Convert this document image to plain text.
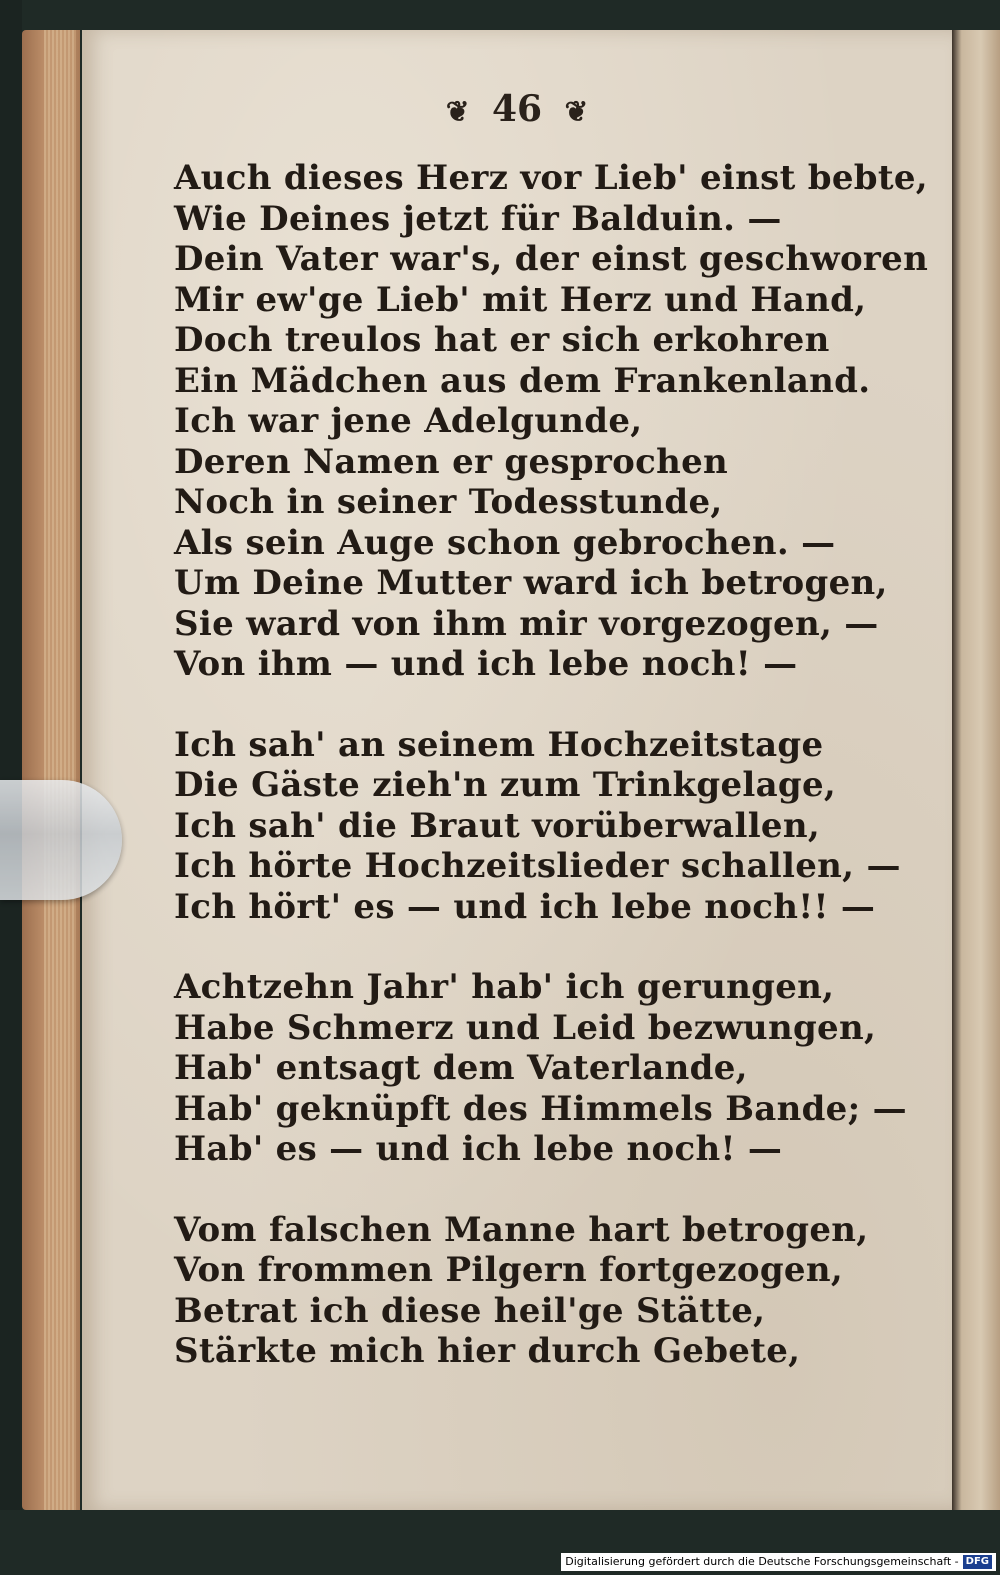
❦ 46 ❦
Auch dieses Herz vor Lieb' einst bebte,
Wie Deines jetzt für Balduin. —
Dein Vater war's, der einst geschworen
Mir ew'ge Lieb' mit Herz und Hand,
Doch treulos hat er sich erkohren
Ein Mädchen aus dem Frankenland.
Ich war jene Adelgunde,
Deren Namen er gesprochen
Noch in seiner Todesstunde,
Als sein Auge schon gebrochen. —
Um Deine Mutter ward ich betrogen,
Sie ward von ihm mir vorgezogen, —
Von ihm — und ich lebe noch! —
Ich sah' an seinem Hochzeitstage
Die Gäste zieh'n zum Trinkgelage,
Ich sah' die Braut vorüberwallen,
Ich hörte Hochzeitslieder schallen, —
Ich hört' es — und ich lebe noch!! —
Achtzehn Jahr' hab' ich gerungen,
Habe Schmerz und Leid bezwungen,
Hab' entsagt dem Vaterlande,
Hab' geknüpft des Himmels Bande; —
Hab' es — und ich lebe noch! —
Vom falschen Manne hart betrogen,
Von frommen Pilgern fortgezogen,
Betrat ich diese heil'ge Stätte,
Stärkte mich hier durch Gebete,
Digitalisierung gefördert durch die Deutsche Forschungsgemeinschaft - DFG
